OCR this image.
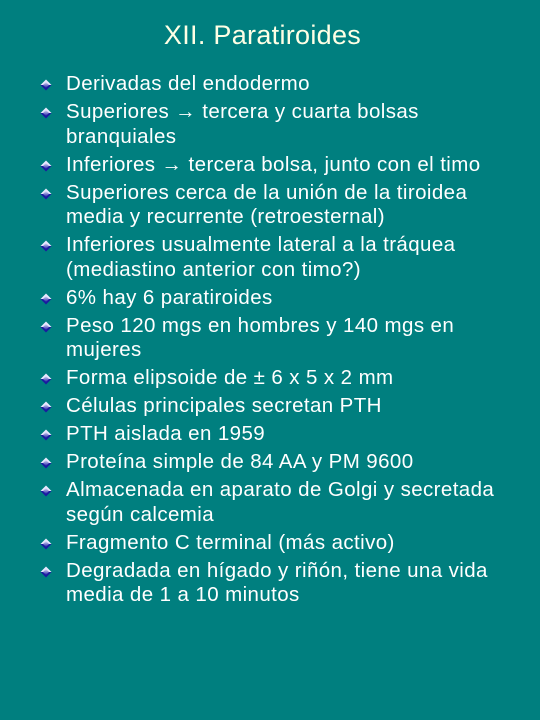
XII. Paratiroides
Derivadas del endodermo
Superiores → tercera y cuarta bolsas branquiales
Inferiores → tercera bolsa, junto con el timo
Superiores cerca de la unión de la tiroidea media y recurrente (retroesternal)
Inferiores usualmente lateral a la tráquea (mediastino anterior con timo?)
6% hay 6 paratiroides
Peso 120 mgs en hombres y 140 mgs en mujeres
Forma elipsoide de ± 6 x 5 x 2 mm
Células principales secretan PTH
PTH aislada en 1959
Proteína simple de 84 AA y PM 9600
Almacenada en aparato de Golgi y secretada según calcemia
Fragmento C terminal (más activo)
Degradada en hígado y riñón, tiene una vida media de 1 a 10 minutos
